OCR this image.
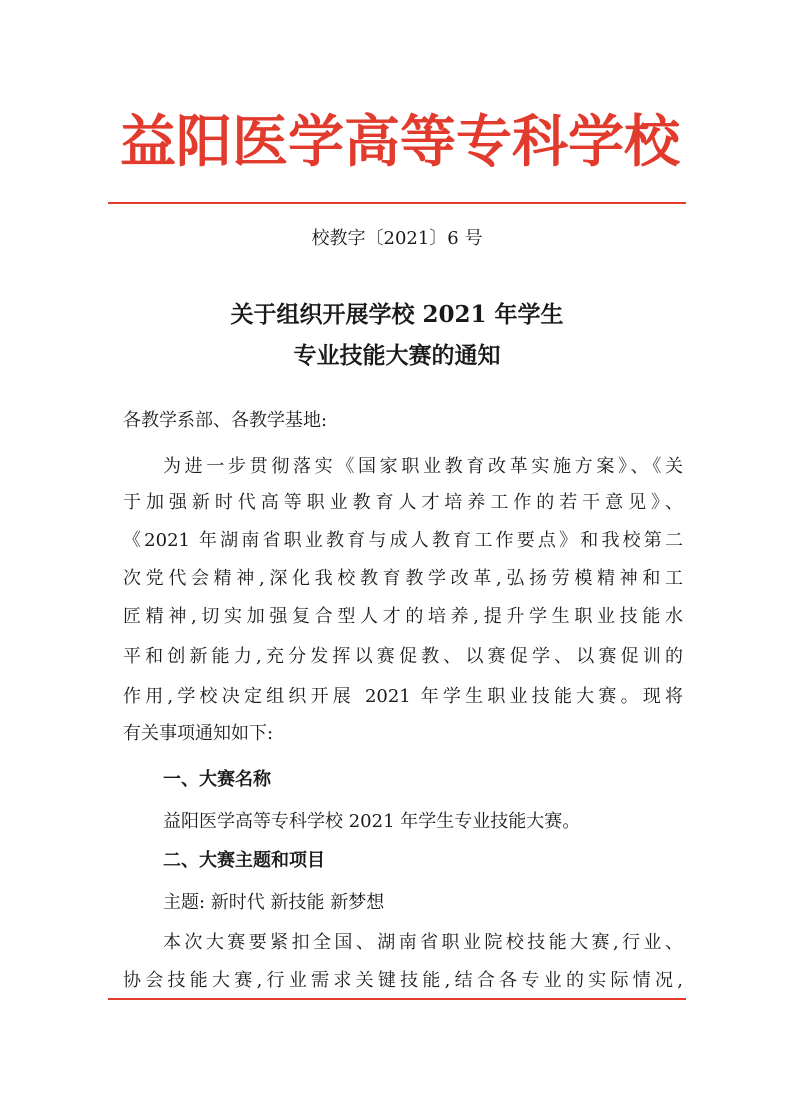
益阳医学高等专科学校
校教字〔2021〕6 号
关于组织开展学校 2021 年学生
专业技能大赛的通知
各教学系部、各教学基地:
为进一步贯彻落实《国家职业教育改革实施方案》、《关
于加强新时代高等职业教育人才培养工作的若干意见》、
《2021 年湖南省职业教育与成人教育工作要点》和我校第二
次党代会精神,深化我校教育教学改革,弘扬劳模精神和工
匠精神,切实加强复合型人才的培养,提升学生职业技能水
平和创新能力,充分发挥以赛促教、以赛促学、以赛促训的
作用,学校决定组织开展 2021 年学生职业技能大赛。现将
有关事项通知如下:
一、大赛名称
益阳医学高等专科学校 2021 年学生专业技能大赛。
二、大赛主题和项目
主题: 新时代 新技能 新梦想
本次大赛要紧扣全国、湖南省职业院校技能大赛,行业、
协会技能大赛,行业需求关键技能,结合各专业的实际情况,
